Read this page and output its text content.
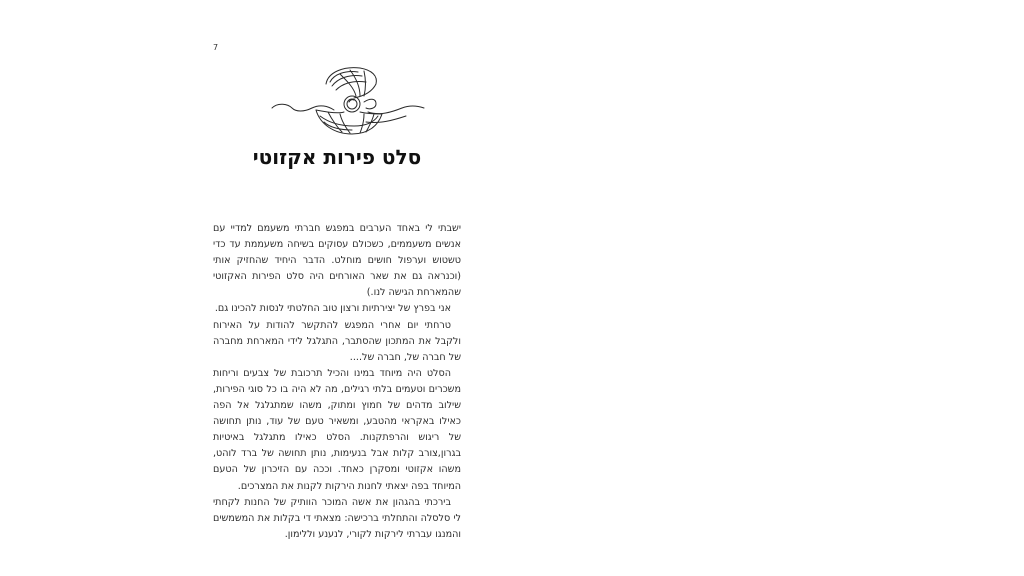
7
סלט פירות אקזוטי

ישבתי לי באחד הערבים במפגש חברתי משעמם למדיי עם אנשים משעממים, כשכולם עסוקים בשיחה משעממת עד כדי טשטוש וערפול חושים מוחלט. הדבר היחיד שהחזיק אותי (וכנראה גם את שאר האורחים היה סלט הפירות האקזוטי שהמארחת הגישה לנו.)

אני בפרץ של יצירתיות ורצון טוב החלטתי לנסות להכינו גם.

טרחתי יום אחרי המפגש להתקשר להודות על האירוח ולקבל את המתכון שהסתבר, התגלגל לידי המארחת מחברה של חברה של, חברה של....

הסלט היה מיוחד במינו והכיל תרכובת של צבעים וריחות משכרים וטעמים בלתי רגילים, מה לא היה בו כל סוגי הפירות, שילוב מדהים של חמוץ ומתוק, משהו שמתגלגל אל הפה כאילו באקראי מהטבע, ומשאיר טעם של עוד, נותן תחושה של ריגוש והרפתקנות. הסלט כאילו מתגלגל באיטיות בגרון,צורב קלות אבל בנעימות, נותן תחושה של ברד לוהט, משהו אקזוטי ומסקרן כאחד. וככה עם הזיכרון של הטעם המיוחד בפה יצאתי לחנות הירקות לקנות את המצרכים.

בירכתי בהגהון את אשה המוכר הוותיק של החנות לקחתי לי סלסלה והתחלתי ברכישה: מצאתי די בקלות את המשמשים והמנגו עברתי לירקות לקורי, לנענע וללימון.
